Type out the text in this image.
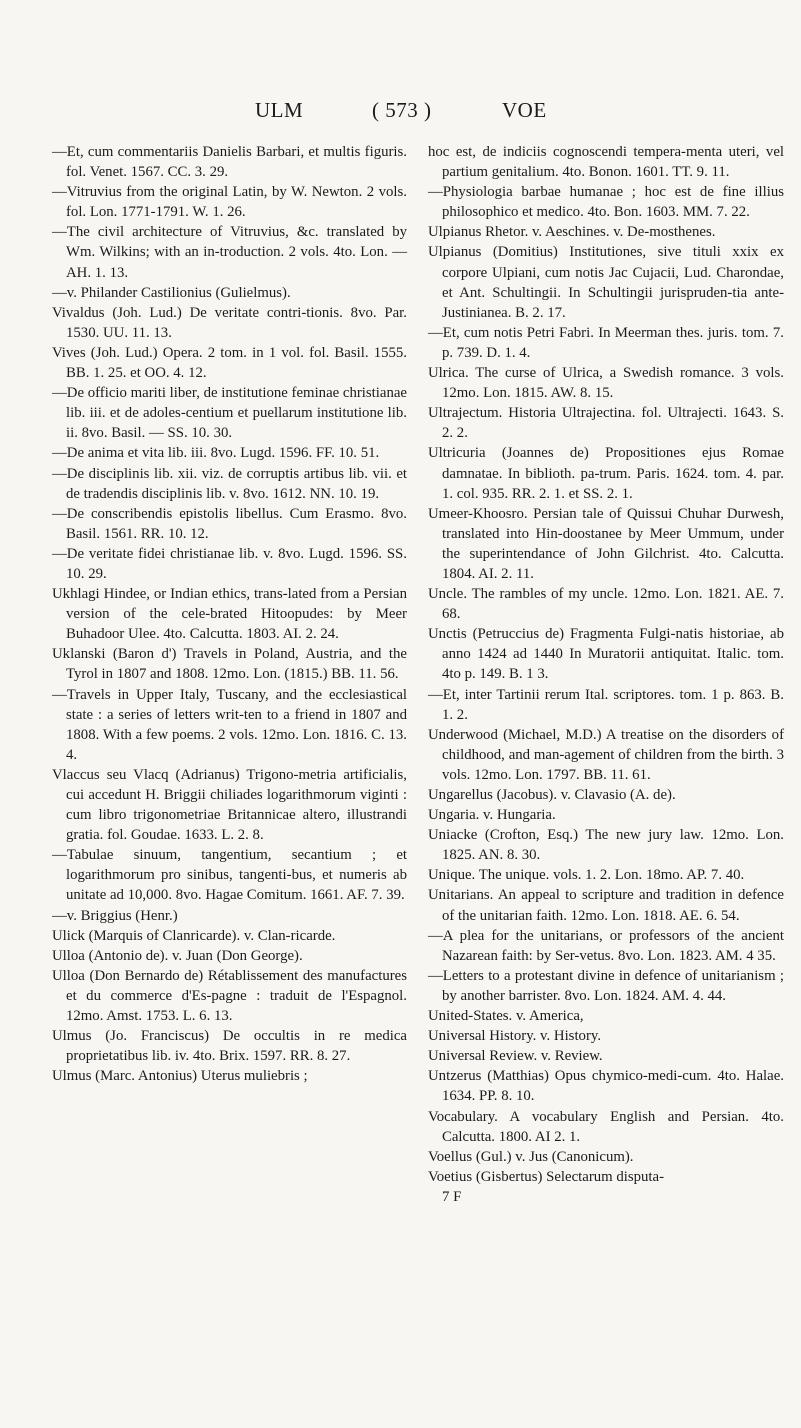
ULM	( 573 )	VOE

—Et, cum commentariis Danielis Barbari, et multis figuris. fol. Venet. 1567. CC. 3. 29.

—Vitruvius from the original Latin, by W. Newton. 2 vols. fol. Lon. 1771-1791. W. 1. 26.

—The civil architecture of Vitruvius, &c. translated by Wm. Wilkins; with an in-troduction. 2 vols. 4to. Lon. — AH. 1. 13.

—v. Philander Castilionius (Gulielmus).

Vivaldus (Joh. Lud.) De veritate contri-tionis. 8vo. Par. 1530. UU. 11. 13.

Vives (Joh. Lud.) Opera. 2 tom. in 1 vol. fol. Basil. 1555. BB. 1. 25. et OO. 4. 12.

—De officio mariti liber, de institutione feminae christianae lib. iii. et de adoles-centium et puellarum institutione lib. ii. 8vo. Basil. — SS. 10. 30.

—De anima et vita lib. iii. 8vo. Lugd. 1596. FF. 10. 51.

—De disciplinis lib. xii. viz. de corruptis artibus lib. vii. et de tradendis disciplinis lib. v. 8vo. 1612. NN. 10. 19.

—De conscribendis epistolis libellus. Cum Erasmo. 8vo. Basil. 1561. RR. 10. 12.

—De veritate fidei christianae lib. v. 8vo. Lugd. 1596. SS. 10. 29.

Ukhlagi Hindee, or Indian ethics, trans-lated from a Persian version of the cele-brated Hitoopudes: by Meer Buhadoor Ulee. 4to. Calcutta. 1803. AI. 2. 24.

Uklanski (Baron d') Travels in Poland, Austria, and the Tyrol in 1807 and 1808. 12mo. Lon. (1815.) BB. 11. 56.

—Travels in Upper Italy, Tuscany, and the ecclesiastical state : a series of letters writ-ten to a friend in 1807 and 1808. With a few poems. 2 vols. 12mo. Lon. 1816. C. 13. 4.

Vlaccus seu Vlacq (Adrianus) Trigono-metria artificialis, cui accedunt H. Briggii chiliades logarithmorum viginti : cum libro trigonometriae Britannicae altero, illustrandi gratia. fol. Goudae. 1633. L. 2. 8.

—Tabulae sinuum, tangentium, secantium ; et logarithmorum pro sinibus, tangenti-bus, et numeris ab unitate ad 10,000. 8vo. Hagae Comitum. 1661. AF. 7. 39.

—v. Briggius (Henr.)

Ulick (Marquis of Clanricarde). v. Clan-ricarde.

Ulloa (Antonio de). v. Juan (Don George).

Ulloa (Don Bernardo de) Rétablissement des manufactures et du commerce d'Es-pagne : traduit de l'Espagnol. 12mo. Amst. 1753. L. 6. 13.

Ulmus (Jo. Franciscus) De occultis in re medica proprietatibus lib. iv. 4to. Brix. 1597. RR. 8. 27.

Ulmus (Marc. Antonius) Uterus muliebris ;

hoc est, de indiciis cognoscendi tempera-menta uteri, vel partium genitalium. 4to. Bonon. 1601. TT. 9. 11.

—Physiologia barbae humanae ; hoc est de fine illius philosophico et medico. 4to. Bon. 1603. MM. 7. 22.

Ulpianus Rhetor. v. Aeschines. v. De-mosthenes.

Ulpianus (Domitius) Institutiones, sive tituli xxix ex corpore Ulpiani, cum notis Jac Cujacii, Lud. Charondae, et Ant. Schultingii. In Schultingii jurispruden-tia ante-Justinianea. B. 2. 17.

—Et, cum notis Petri Fabri. In Meerman thes. juris. tom. 7. p. 739. D. 1. 4.

Ulrica. The curse of Ulrica, a Swedish romance. 3 vols. 12mo. Lon. 1815. AW. 8. 15.

Ultrajectum. Historia Ultrajectina. fol. Ultrajecti. 1643. S. 2. 2.

Ultricuria (Joannes de) Propositiones ejus Romae damnatae. In biblioth. pa-trum. Paris. 1624. tom. 4. par. 1. col. 935. RR. 2. 1. et SS. 2. 1.

Umeer-Khoosro. Persian tale of Quissui Chuhar Durwesh, translated into Hin-doostanee by Meer Ummum, under the superintendance of John Gilchrist. 4to. Calcutta. 1804. AI. 2. 11.

Uncle. The rambles of my uncle. 12mo. Lon. 1821. AE. 7. 68.

Unctis (Petruccius de) Fragmenta Fulgi-natis historiae, ab anno 1424 ad 1440 In Muratorii antiquitat. Italic. tom. 4to p. 149. B. 1 3.

—Et, inter Tartinii rerum Ital. scriptores. tom. 1 p. 863. B. 1. 2.

Underwood (Michael, M.D.) A treatise on the disorders of childhood, and man-agement of children from the birth. 3 vols. 12mo. Lon. 1797. BB. 11. 61.

Ungarellus (Jacobus). v. Clavasio (A. de).

Ungaria. v. Hungaria.

Uniacke (Crofton, Esq.) The new jury law. 12mo. Lon. 1825. AN. 8. 30.

Unique. The unique. vols. 1. 2. Lon. 18mo. AP. 7. 40.

Unitarians. An appeal to scripture and tradition in defence of the unitarian faith. 12mo. Lon. 1818. AE. 6. 54.

—A plea for the unitarians, or professors of the ancient Nazarean faith: by Ser-vetus. 8vo. Lon. 1823. AM. 4 35.

—Letters to a protestant divine in defence of unitarianism ; by another barrister. 8vo. Lon. 1824. AM. 4. 44.

United-States. v. America,

Universal History. v. History.

Universal Review. v. Review.

Untzerus (Matthias) Opus chymico-medi-cum. 4to. Halae. 1634. PP. 8. 10.

Vocabulary. A vocabulary English and Persian. 4to. Calcutta. 1800. AI 2. 1.

Voellus (Gul.) v. Jus (Canonicum).

Voetius (Gisbertus) Selectarum disputa-

7 F
